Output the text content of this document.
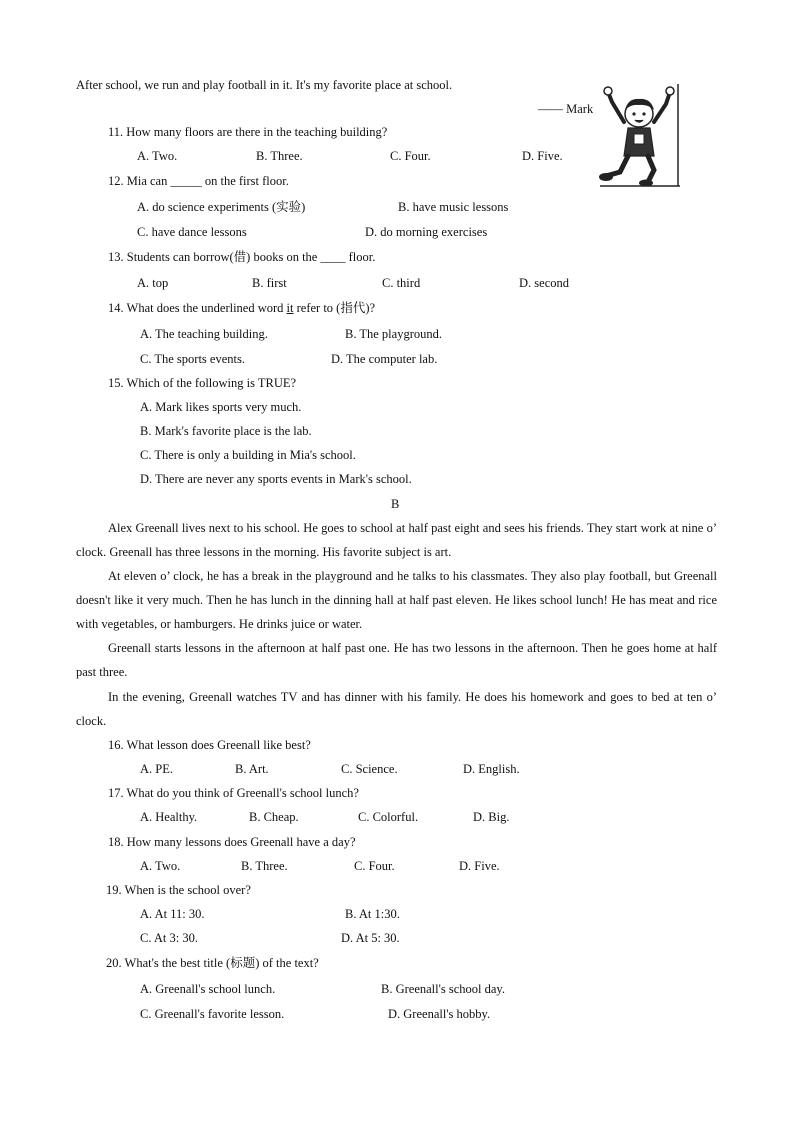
After school, we run and play football in it. It's my favorite place at school.
—— Mark
11. How many floors are there in the teaching building?
A. Two.	B. Three.	C. Four.	D. Five.
12. Mia can _____ on the first floor.
A. do science experiments (实验)	B. have music lessons
C. have dance lessons	D. do morning exercises
13. Students can borrow(借) books on the ____ floor.
A. top	B. first	C. third	D. second
14. What does the underlined word it refer to (指代)?
A. The teaching building.	B. The playground.
C. The sports events.	D. The computer lab.
15. Which of the following is TRUE?
A. Mark likes sports very much.
B. Mark's favorite place is the lab.
C. There is only a building in Mia's school.
D. There are never any sports events in Mark's school.
B
Alex Greenall lives next to his school. He goes to school at half past eight and sees his friends. They start work at nine o’ clock. Greenall has three lessons in the morning. His favorite subject is art.
At eleven o’ clock, he has a break in the playground and he talks to his classmates. They also play football, but Greenall doesn't like it very much. Then he has lunch in the dinning hall at half past eleven. He likes school lunch! He has meat and rice with vegetables, or hamburgers. He drinks juice or water.
Greenall starts lessons in the afternoon at half past one. He has two lessons in the afternoon. Then he goes home at half past three.
In the evening, Greenall watches TV and has dinner with his family. He does his homework and goes to bed at ten o’ clock.
16. What lesson does Greenall like best?
A. PE.	B. Art.	C. Science.	D. English.
17. What do you think of Greenall's school lunch?
A. Healthy.	B. Cheap.	C. Colorful.	D. Big.
18. How many lessons does Greenall have a day?
A. Two.	B. Three.	C. Four.	D. Five.
19. When is the school over?
A. At 11: 30.	B. At 1:30.
C. At 3: 30.	D. At 5: 30.
20. What's the best title (标题) of the text?
A. Greenall's school lunch.	B. Greenall's school day.
C. Greenall's favorite lesson.	D. Greenall's hobby.
